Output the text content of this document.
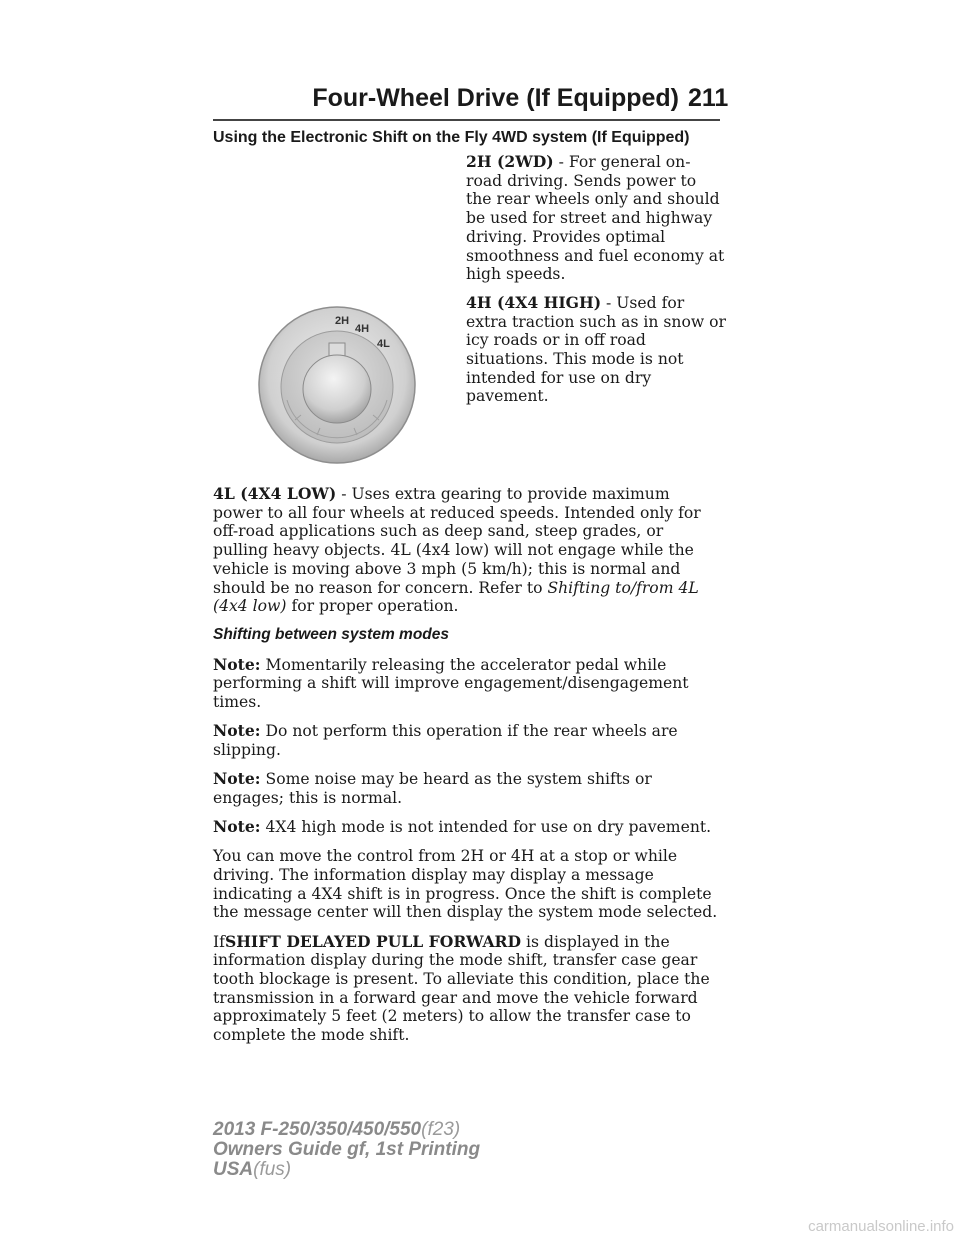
Four-Wheel Drive (If Equipped) 211
Using the Electronic Shift on the Fly 4WD system (If Equipped)
2H
4H
4L

2H (2WD) - For general on-road driving. Sends power to the rear wheels only and should be used for street and highway driving. Provides optimal smoothness and fuel economy at high speeds.

4H (4X4 HIGH) - Used for extra traction such as in snow or icy roads or in off road situations. This mode is not intended for use on dry pavement.

4L (4X4 LOW) - Uses extra gearing to provide maximum power to all four wheels at reduced speeds. Intended only for off-road applications such as deep sand, steep grades, or pulling heavy objects. 4L (4x4 low) will not engage while the vehicle is moving above 3 mph (5 km/h); this is normal and should be no reason for concern. Refer to Shifting to/from 4L (4x4 low) for proper operation.

Shifting between system modes

Note: Momentarily releasing the accelerator pedal while performing a shift will improve engagement/disengagement times.

Note: Do not perform this operation if the rear wheels are slipping.

Note: Some noise may be heard as the system shifts or engages; this is normal.

Note: 4X4 high mode is not intended for use on dry pavement.

You can move the control from 2H or 4H at a stop or while driving. The information display may display a message indicating a 4X4 shift is in progress. Once the shift is complete the message center will then display the system mode selected.

IfSHIFT DELAYED PULL FORWARD is displayed in the information display during the mode shift, transfer case gear tooth blockage is present. To alleviate this condition, place the transmission in a forward gear and move the vehicle forward approximately 5 feet (2 meters) to allow the transfer case to complete the mode shift.

2013 F-250/350/450/550(f23)
Owners Guide gf, 1st Printing
USA(fus)
carmanualsonline.info
